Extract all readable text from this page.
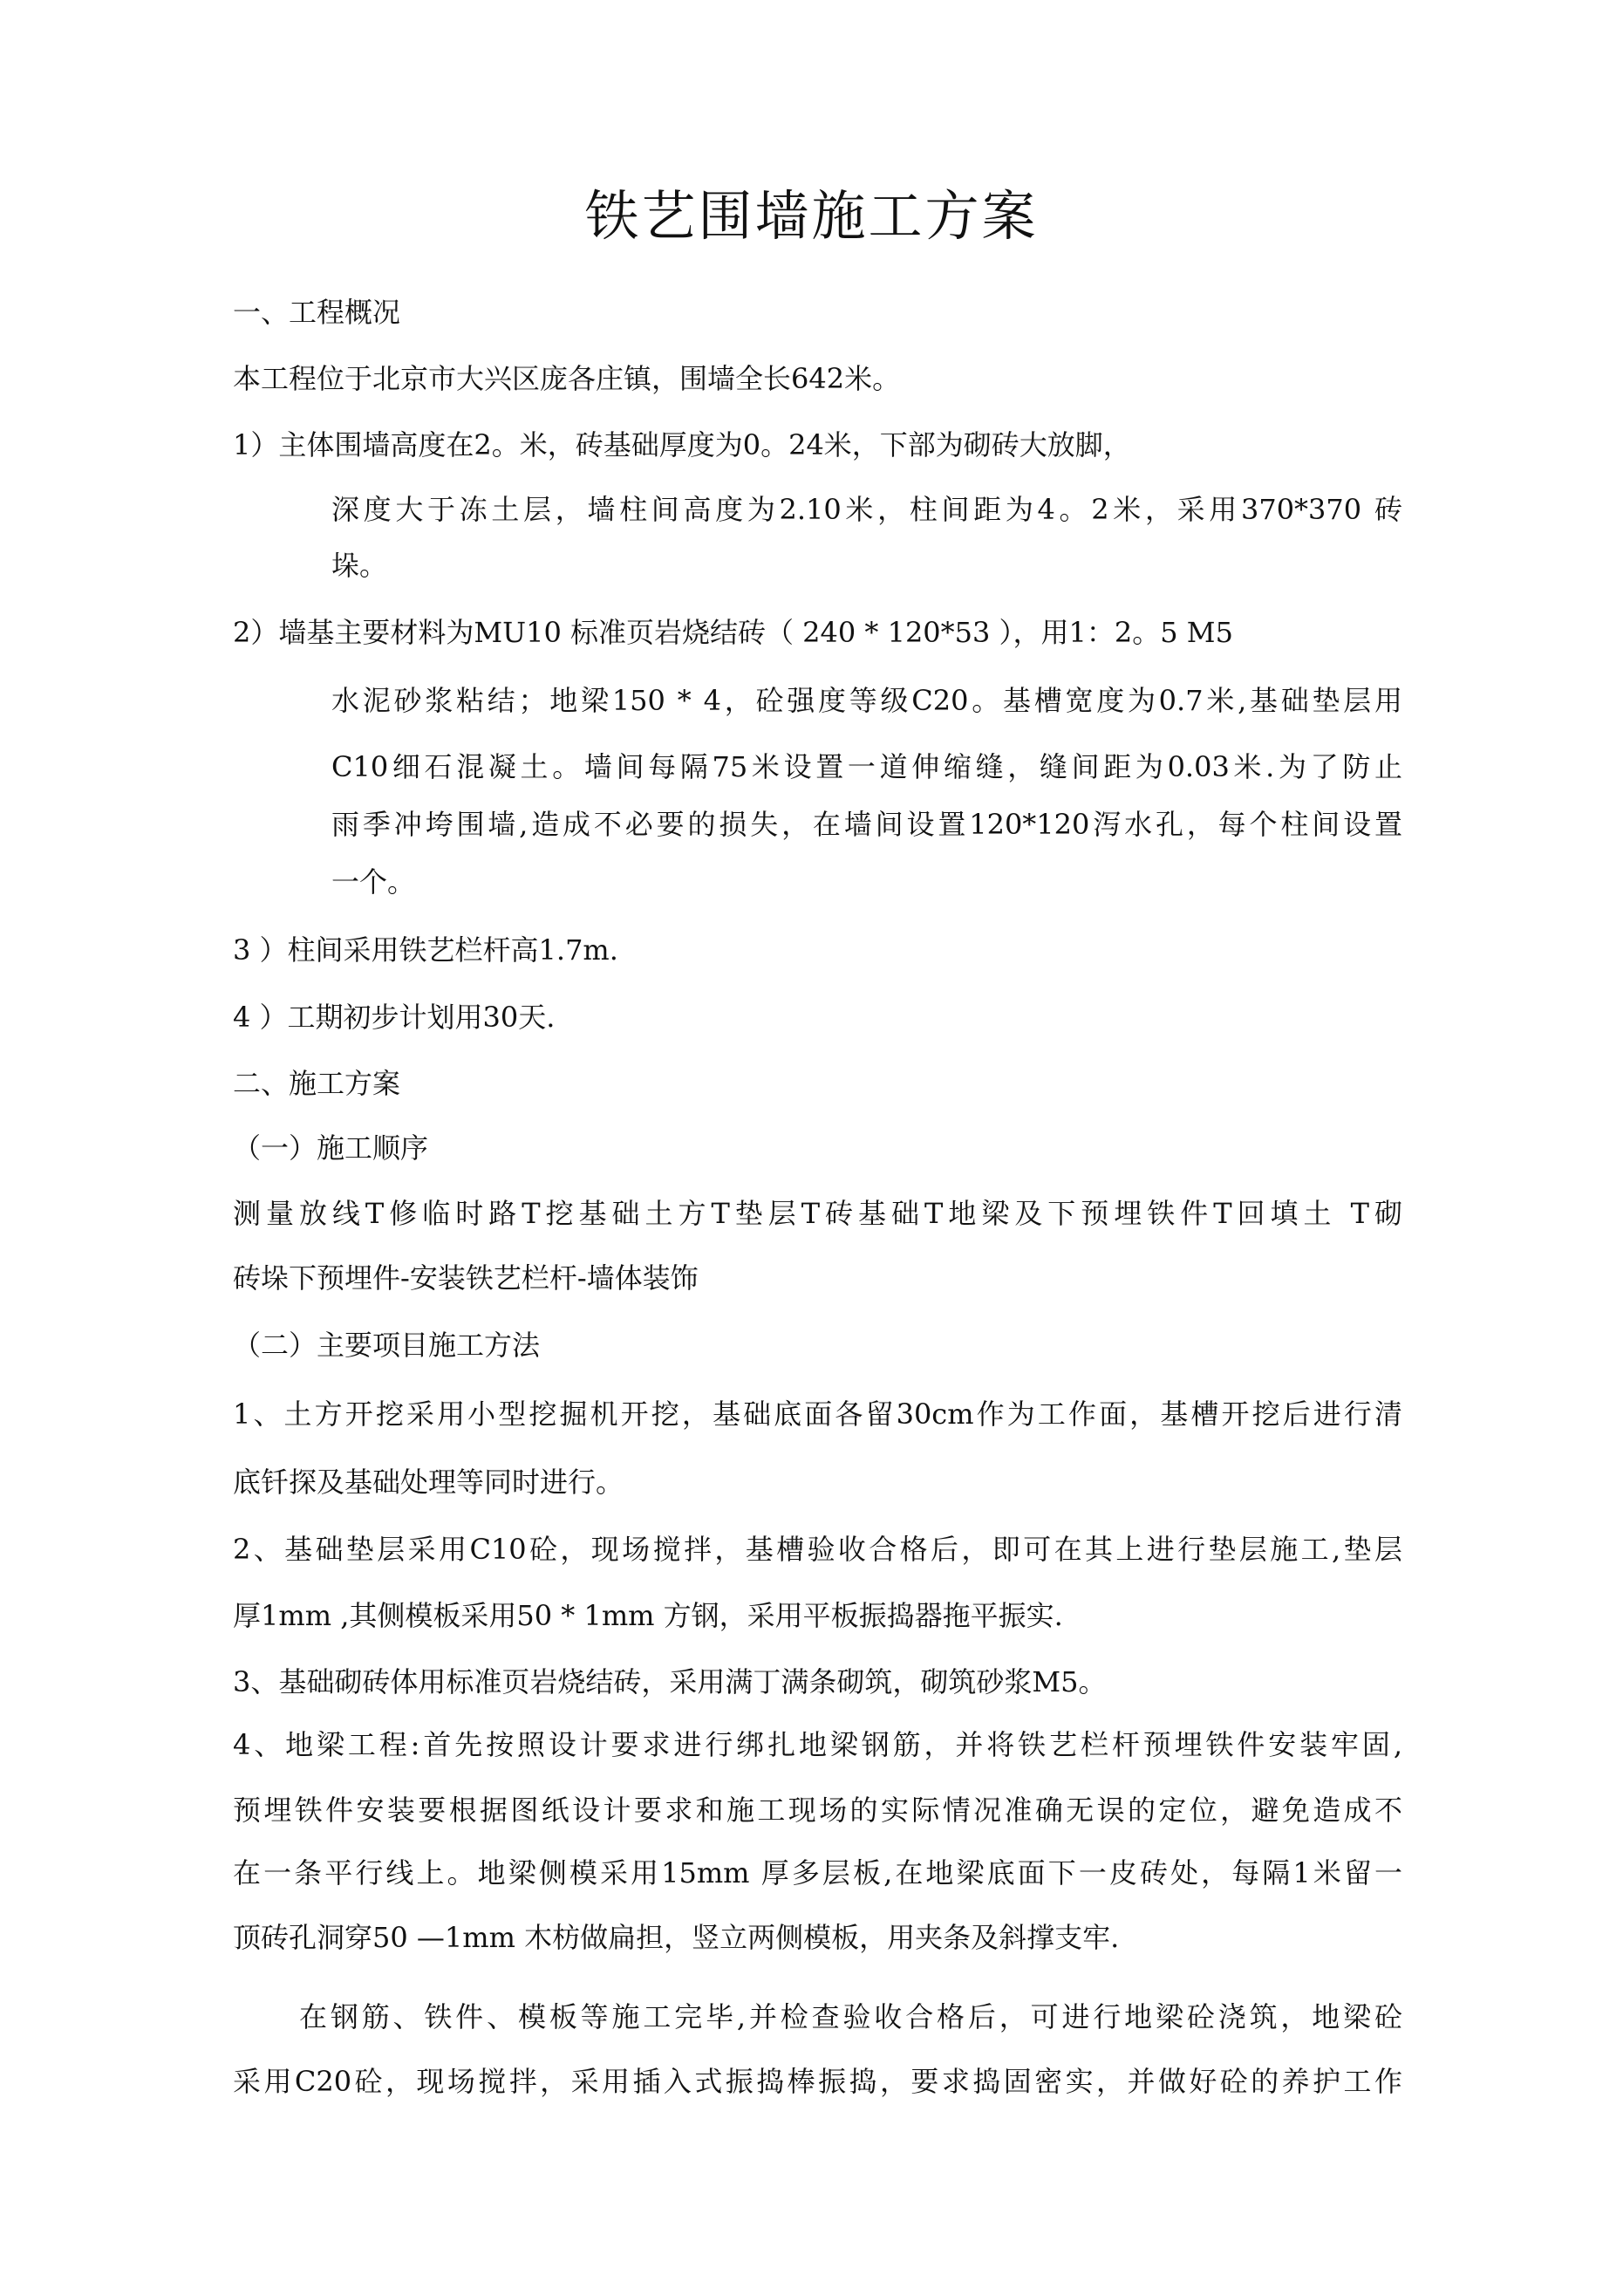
铁艺围墙施工方案
一、工程概况
本工程位于北京市大兴区庞各庄镇，围墙全长642米。
1）主体围墙高度在2。米，砖基础厚度为0。24米，下部为砌砖大放脚，
深度大于冻土层，墙柱间高度为2.10米，柱间距为4。2米，采用370*370 砖
垛。
2）墙基主要材料为MU10 标准页岩烧结砖（ 240 * 120*53 ），用1：2。5 M5
水泥砂浆粘结；地梁150 * 4，砼强度等级C20。基槽宽度为0.7米,基础垫层用
C10细石混凝土。墙间每隔75米设置一道伸缩缝，缝间距为0.03米.为了防止
雨季冲垮围墙,造成不必要的损失，在墙间设置120*120泻水孔，每个柱间设置
一个。
3 ）柱间采用铁艺栏杆高1.7m.
4 ）工期初步计划用30天.
二、施工方案
（一）施工顺序
测量放线T修临时路T挖基础土方T垫层T砖基础T地梁及下预埋铁件T回填土 T砌
砖垛下预埋件-安装铁艺栏杆-墙体装饰
（二）主要项目施工方法
1、土方开挖采用小型挖掘机开挖，基础底面各留30cm作为工作面，基槽开挖后进行清
底钎探及基础处理等同时进行。
2、基础垫层采用C10砼，现场搅拌，基槽验收合格后，即可在其上进行垫层施工,垫层
厚1mm ,其侧模板采用50 * 1mm 方钢，采用平板振捣器拖平振实.
3、基础砌砖体用标准页岩烧结砖，采用满丁满条砌筑，砌筑砂浆M5。
4、地梁工程:首先按照设计要求进行绑扎地梁钢筋，并将铁艺栏杆预埋铁件安装牢固,
预埋铁件安装要根据图纸设计要求和施工现场的实际情况准确无误的定位，避免造成不
在一条平行线上。地梁侧模采用15mm 厚多层板,在地梁底面下一皮砖处，每隔1米留一
顶砖孔洞穿50 —1mm 木枋做扁担，竖立两侧模板，用夹条及斜撑支牢.
在钢筋、铁件、模板等施工完毕,并检查验收合格后，可进行地梁砼浇筑，地梁砼
采用C20砼，现场搅拌，采用插入式振捣棒振捣，要求捣固密实，并做好砼的养护工作
